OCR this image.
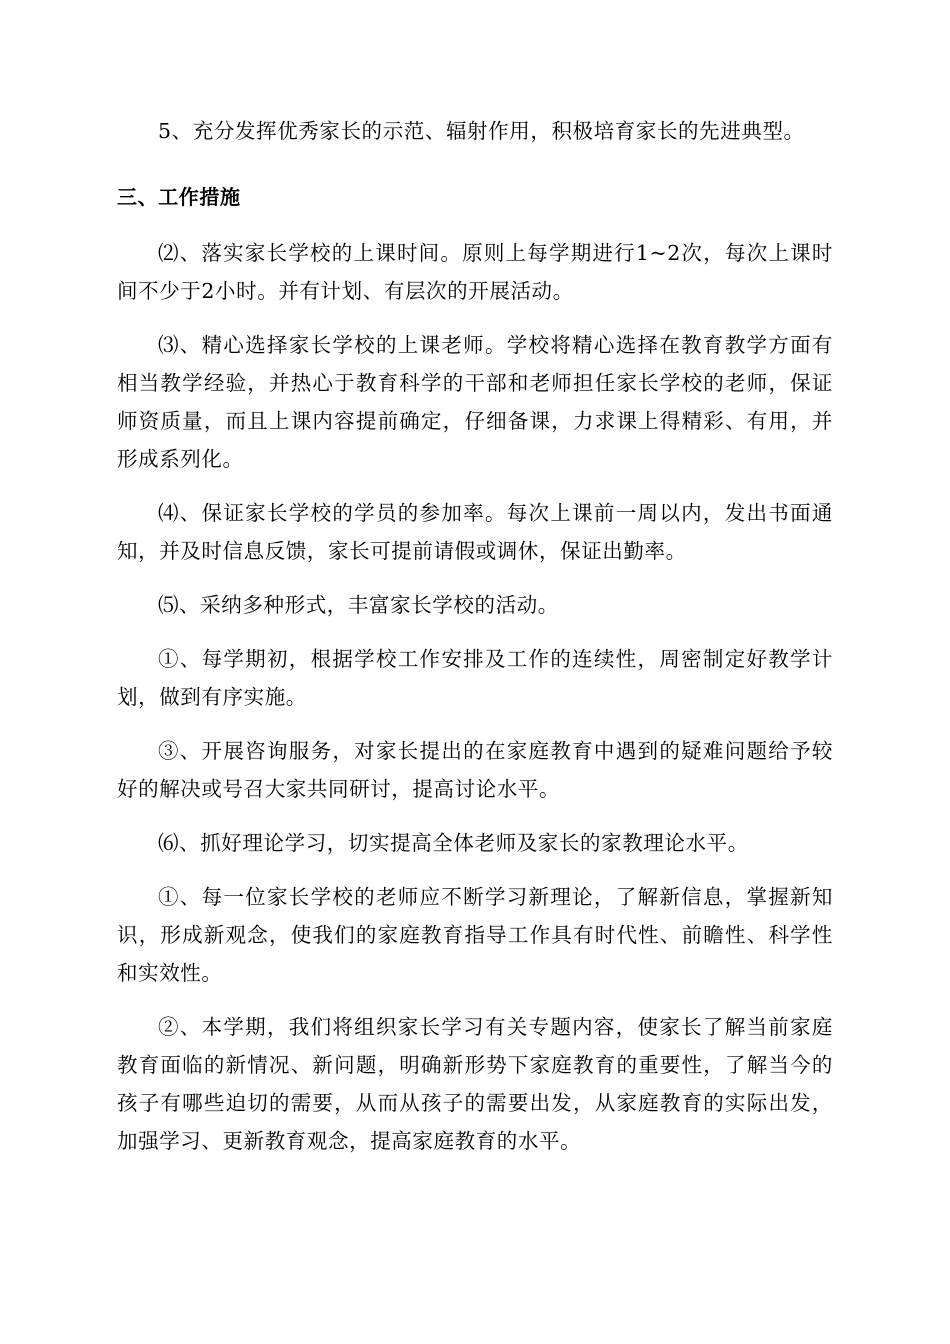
5、充分发挥优秀家长的示范、辐射作用，积极培育家长的先进典型。

三、工作措施

⑵、落实家长学校的上课时间。原则上每学期进行1~2次，每次上课时间不少于2小时。并有计划、有层次的开展活动。

⑶、精心选择家长学校的上课老师。学校将精心选择在教育教学方面有相当教学经验，并热心于教育科学的干部和老师担任家长学校的老师，保证师资质量，而且上课内容提前确定，仔细备课，力求课上得精彩、有用，并形成系列化。

⑷、保证家长学校的学员的参加率。每次上课前一周以内，发出书面通知，并及时信息反馈，家长可提前请假或调休，保证出勤率。

⑸、采纳多种形式，丰富家长学校的活动。

①、每学期初，根据学校工作安排及工作的连续性，周密制定好教学计划，做到有序实施。

③、开展咨询服务，对家长提出的在家庭教育中遇到的疑难问题给予较好的解决或号召大家共同研讨，提高讨论水平。

⑹、抓好理论学习，切实提高全体老师及家长的家教理论水平。

①、每一位家长学校的老师应不断学习新理论，了解新信息，掌握新知识，形成新观念，使我们的家庭教育指导工作具有时代性、前瞻性、科学性和实效性。

②、本学期，我们将组织家长学习有关专题内容，使家长了解当前家庭教育面临的新情况、新问题，明确新形势下家庭教育的重要性，了解当今的孩子有哪些迫切的需要，从而从孩子的需要出发，从家庭教育的实际出发，加强学习、更新教育观念，提高家庭教育的水平。
